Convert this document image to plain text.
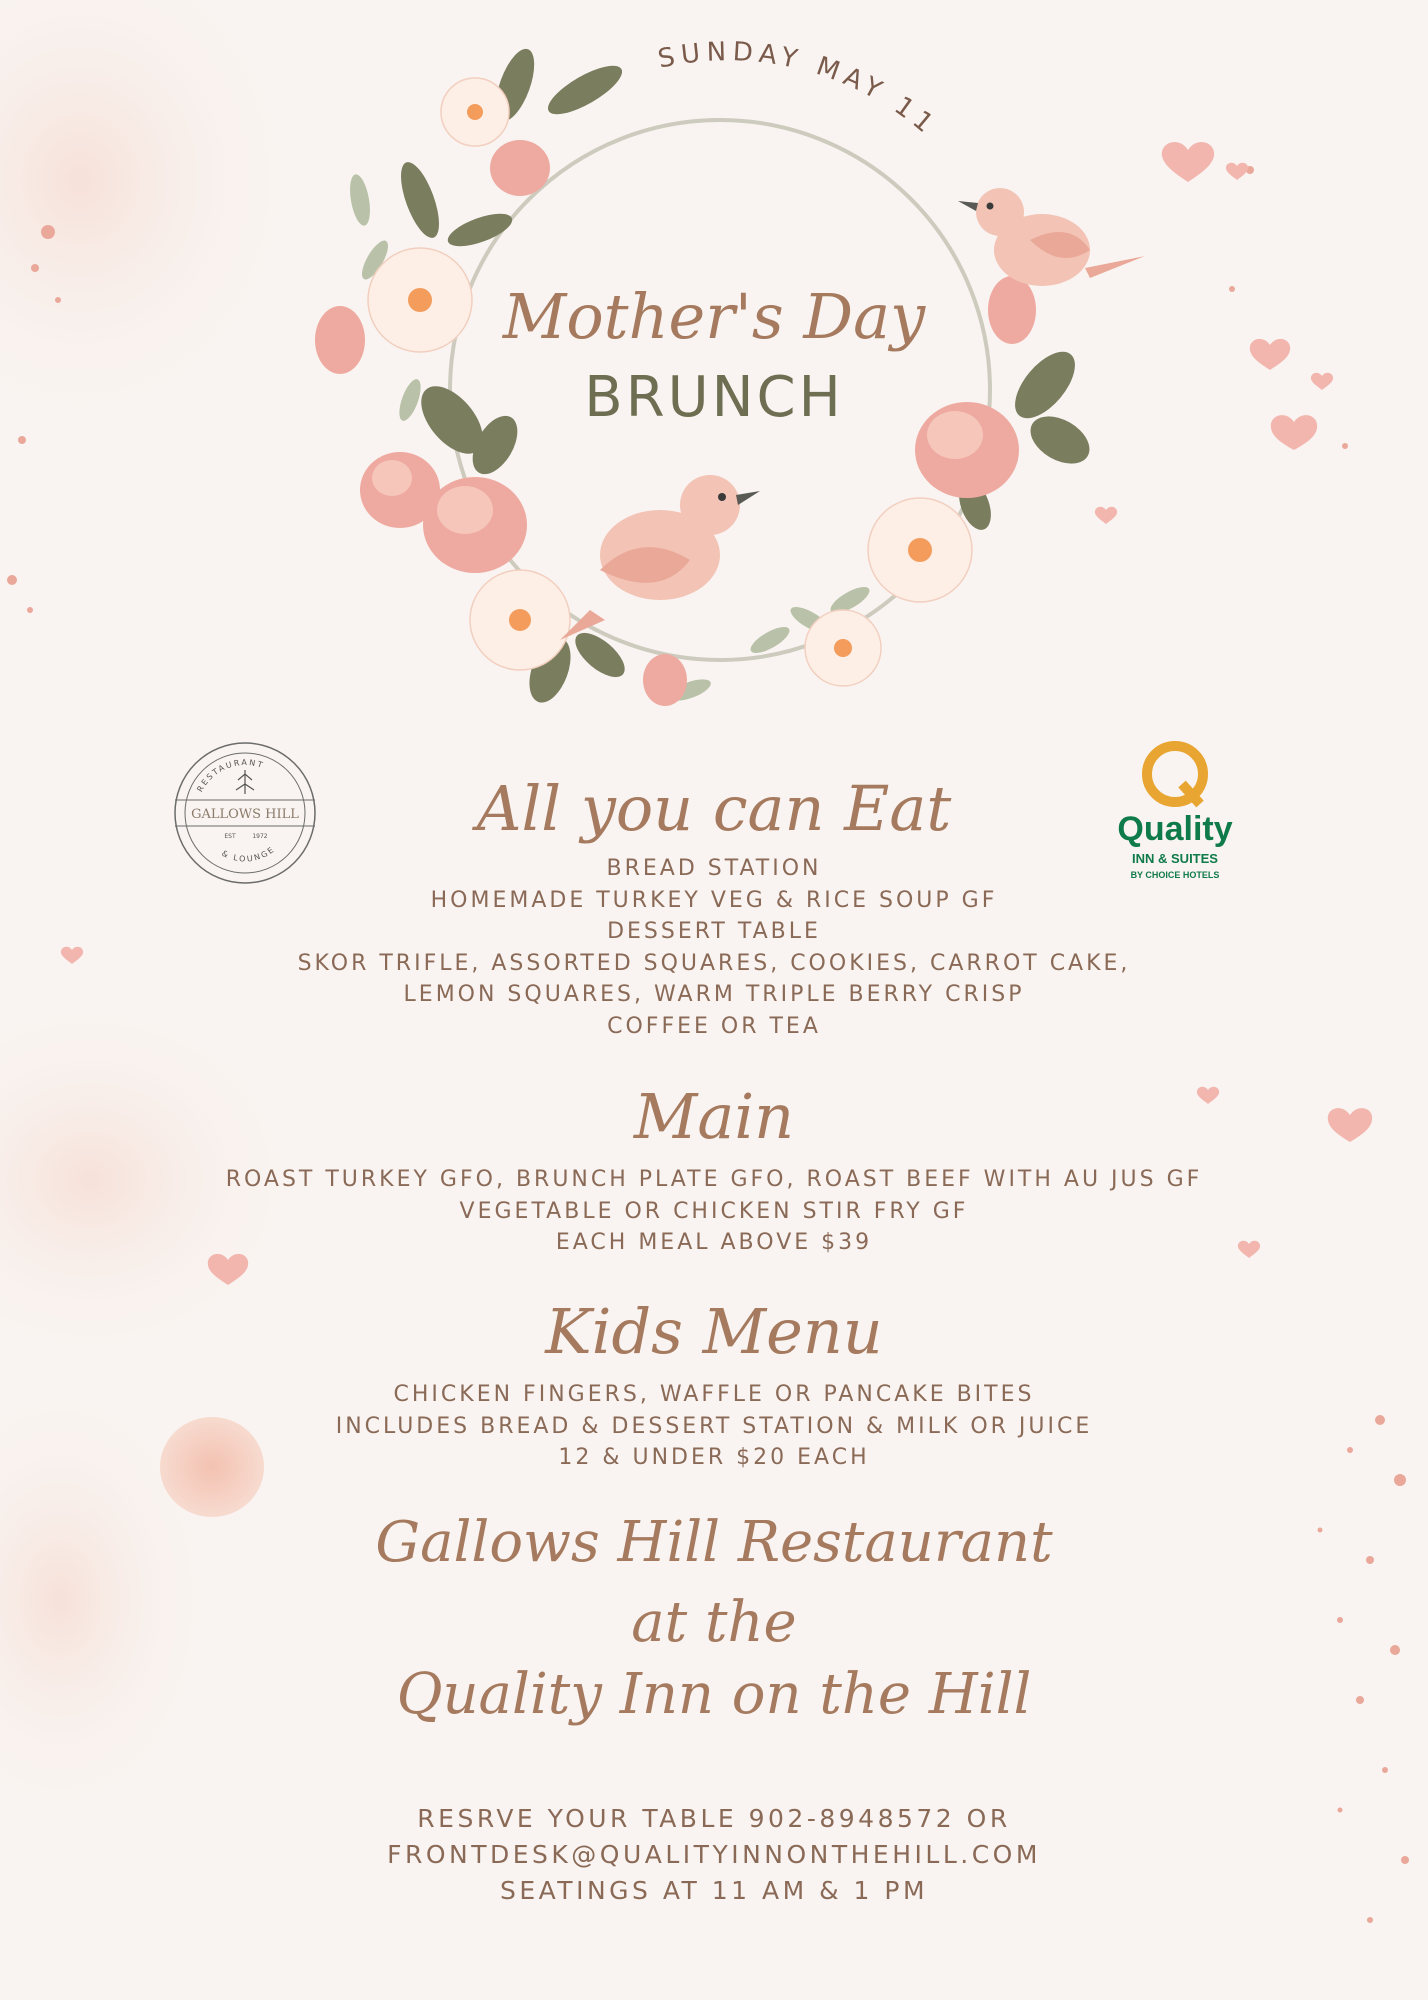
SUNDAY MAY 11
Mother's Day
BRUNCH
RESTAURANT
GALLOWS HILL
EST	1972
& LOUNGE
Quality
INN & SUITES
BY CHOICE HOTELS
All you can Eat
BREAD STATION
HOMEMADE TURKEY VEG & RICE SOUP GF
DESSERT TABLE
SKOR TRIFLE, ASSORTED SQUARES, COOKIES, CARROT CAKE,
LEMON SQUARES, WARM TRIPLE BERRY CRISP
COFFEE OR TEA
Main
ROAST TURKEY GFO, BRUNCH PLATE GFO, ROAST BEEF WITH AU JUS GF
VEGETABLE OR CHICKEN STIR FRY GF
EACH MEAL ABOVE $39
Kids Menu
CHICKEN FINGERS, WAFFLE OR PANCAKE BITES
INCLUDES BREAD & DESSERT STATION & MILK OR JUICE
12 & UNDER $20 EACH
Gallows Hill Restaurant
at the
Quality Inn on the Hill
RESRVE YOUR TABLE 902-8948572 OR
FRONTDESK@QUALITYINNONTHEHILL.COM
SEATINGS AT 11 AM & 1 PM
